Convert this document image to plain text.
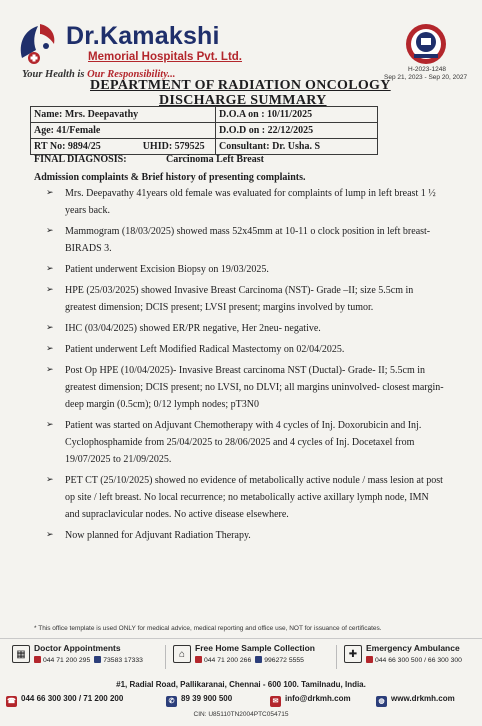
Dr.Kamakshi
Memorial Hospitals Pvt. Ltd.
Your Health is Our Responsibility...	H-2023-1248
Sep 21, 2023 - Sep 20, 2027
DEPARTMENT OF RADIATION ONCOLOGY
DISCHARGE SUMMARY
Name: Mrs. Deepavathy	D.O.A on : 10/11/2025
Age: 41/Female	D.O.D on : 22/12/2025
RT No: 9894/25 UHID: 579525	Consultant: Dr. Usha. S
FINAL DIAGNOSIS:	Carcinoma Left Breast
Admission complaints & Brief history of presenting complaints.
➢ Mrs. Deepavathy 41years old female was evaluated for complaints of lump in left breast 1 ½ years back.
➢ Mammogram (18/03/2025) showed mass 52x45mm at 10-11 o clock position in left breast- BIRADS 3.
➢ Patient underwent Excision Biopsy on 19/03/2025.
➢ HPE (25/03/2025) showed Invasive Breast Carcinoma (NST)- Grade –II; size 5.5cm in greatest dimension; DCIS present; LVSI present; margins involved by tumor.
➢ IHC (03/04/2025) showed ER/PR negative, Her 2neu- negative.
➢ Patient underwent Left Modified Radical Mastectomy on 02/04/2025.
➢ Post Op HPE (10/04/2025)- Invasive Breast carcinoma NST (Ductal)- Grade- II; 5.5cm in greatest dimension; DCIS present; no LVSI, no DLVI; all margins uninvolved- closest margin- deep margin (0.5cm); 0/12 lymph nodes; pT3N0
➢ Patient was started on Adjuvant Chemotherapy with 4 cycles of Inj. Doxorubicin and Inj. Cyclophosphamide from 25/04/2025 to 28/06/2025 and 4 cycles of Inj. Docetaxel from 19/07/2025 to 21/09/2025.
➢ PET CT (25/10/2025) showed no evidence of metabolically active nodule / mass lesion at post op site / left breast. No local recurrence; no metabolically active axillary lymph node, IMN and supraclavicular nodes. No active disease elsewhere.
➢ Now planned for Adjuvant Radiation Therapy.
* This office template is used ONLY for medical advice, medical reporting and office use, NOT for issuance of certificates.
▦
Doctor Appointments
044 71 200 295 73583 17333
⌂
Free Home Sample Collection
044 71 200 266 996272 5555
✚
Emergency Ambulance
044 66 300 500 / 66 300 300
#1, Radial Road, Pallikaranai, Chennai - 600 100. Tamilnadu, India.
☎ 044 66 300 300 / 71 200 200	✆ 89 39 900 500	✉ info@drkmh.com	◍ www.drkmh.com
CIN: U85110TN2004PTC054715
